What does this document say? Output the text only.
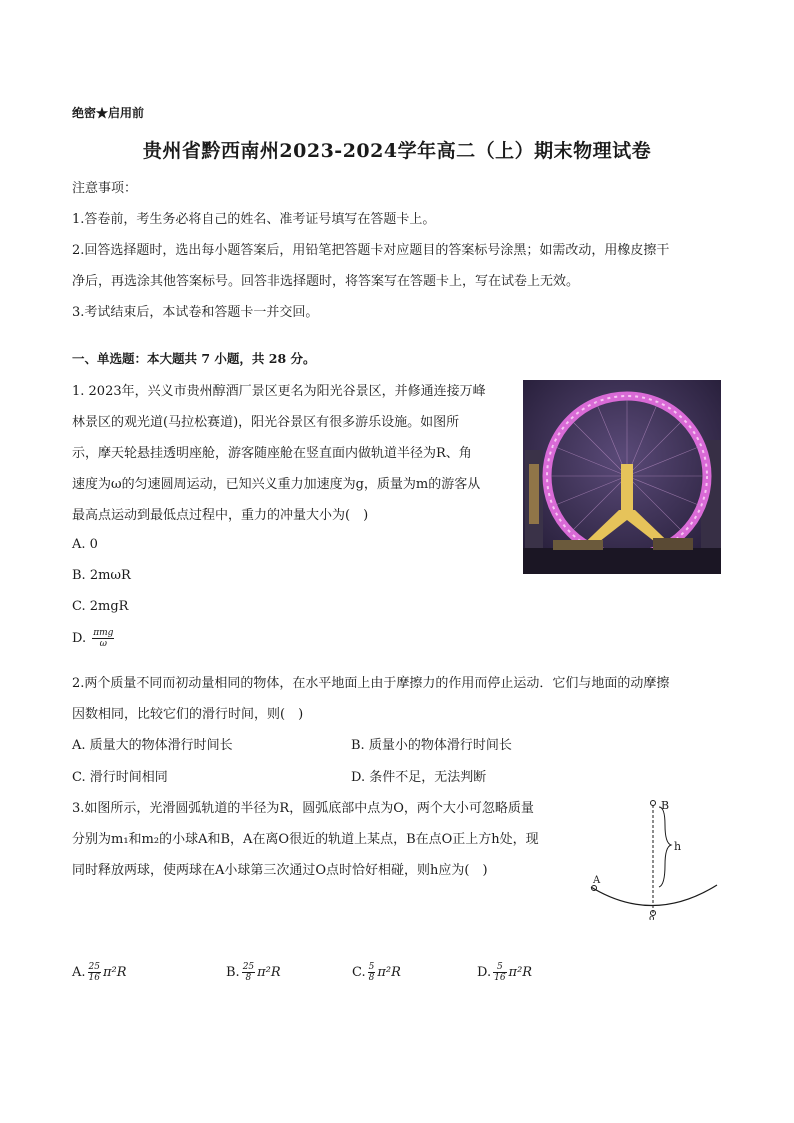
绝密★启用前
贵州省黔西南州2023-2024学年高二（上）期末物理试卷
注意事项：
1.答卷前，考生务必将自己的姓名、准考证号填写在答题卡上。
2.回答选择题时，选出每小题答案后，用铅笔把答题卡对应题目的答案标号涂黑；如需改动，用橡皮擦干
净后，再选涂其他答案标号。回答非选择题时，将答案写在答题卡上，写在试卷上无效。
3.考试结束后，本试卷和答题卡一并交回。
一、单选题：本大题共 7 小题，共 28 分。
1. 2023年，兴义市贵州醇酒厂景区更名为阳光谷景区，并修通连接万峰
林景区的观光道(马拉松赛道)，阳光谷景区有很多游乐设施。如图所
示，摩天轮悬挂透明座舱，游客随座舱在竖直面内做轨道半径为R、角
速度为ω的匀速圆周运动，已知兴义重力加速度为g，质量为m的游客从
最高点运动到最低点过程中，重力的冲量大小为(　)
A. 0
B. 2mωR
C. 2mgR
D. $\frac{\text{πmg}}{\omega}$
2.两个质量不同而初动量相同的物体，在水平地面上由于摩擦力的作用而停止运动．它们与地面的动摩擦
因数相同，比较它们的滑行时间，则(　)
A. 质量大的物体滑行时间长	B. 质量小的物体滑行时间长
C. 滑行时间相同	D. 条件不足，无法判断
3.如图所示，光滑圆弧轨道的半径为R，圆弧底部中点为O，两个大小可忽略质量
分别为m₁和m₂的小球A和B，A在离O很近的轨道上某点，B在点O正上方h处，现
同时释放两球，使两球在A小球第三次通过O点时恰好相碰，则h应为(　)
B
h
A
o
A. $\frac{25}{16} \pi^2R$	B. $\frac{25}{8} \pi^2R$	C. $\frac{5}{8} \pi^2R$	D. $\frac{5}{16} \pi^2R$
